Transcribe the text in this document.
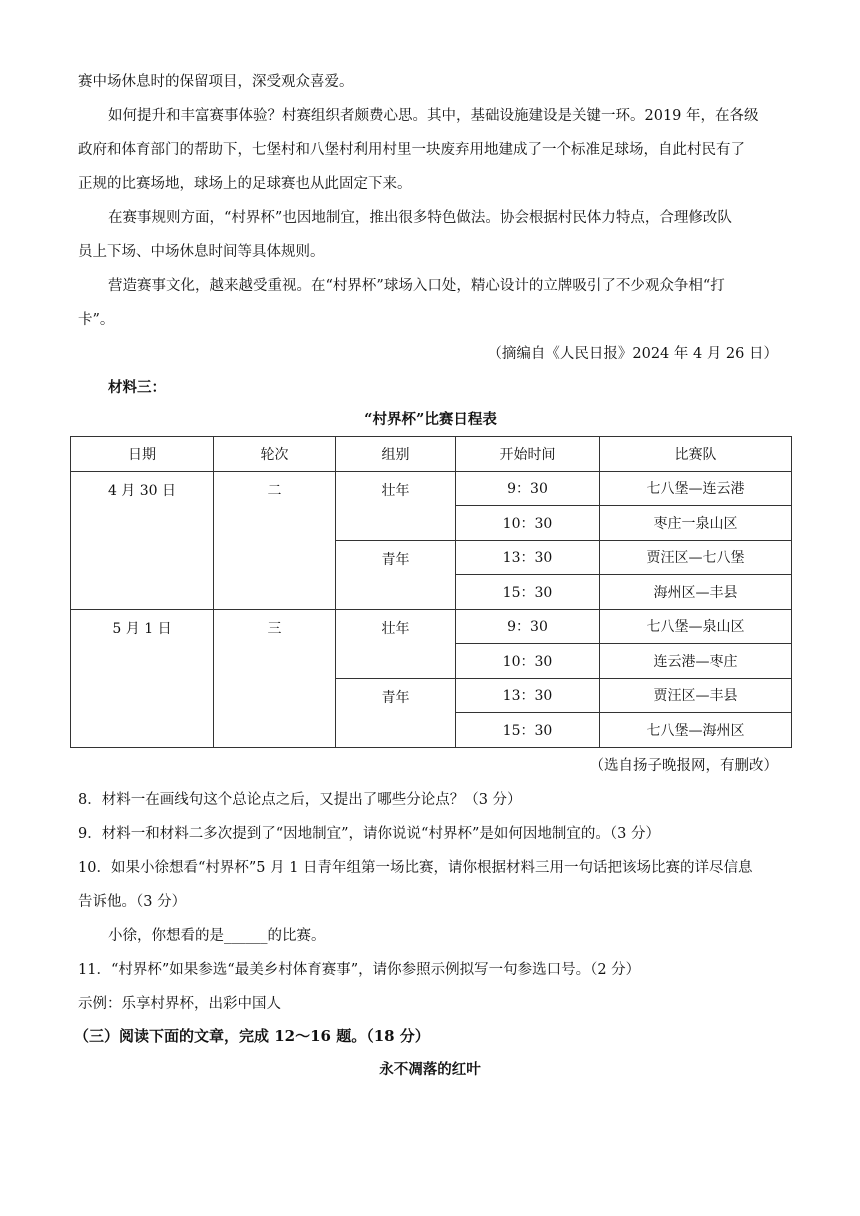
赛中场休息时的保留项目，深受观众喜爱。
如何提升和丰富赛事体验？村赛组织者颇费心思。其中，基础设施建设是关键一环。2019 年，在各级
政府和体育部门的帮助下，七堡村和八堡村利用村里一块废弃用地建成了一个标准足球场，自此村民有了
正规的比赛场地，球场上的足球赛也从此固定下来。
在赛事规则方面，“村界杯”也因地制宜，推出很多特色做法。协会根据村民体力特点，合理修改队
员上下场、中场休息时间等具体规则。
营造赛事文化，越来越受重视。在“村界杯”球场入口处，精心设计的立牌吸引了不少观众争相“打
卡”。
（摘编自《人民日报》2024 年 4 月 26 日）
材料三：
“村界杯”比赛日程表
日期	轮次	组别	开始时间	比赛队
4 月 30 日	二	壮年	9：30	七八堡—连云港
			10：30	枣庄一泉山区
		青年	13：30	贾汪区—七八堡
			15：30	海州区—丰县
5 月 1 日	三	壮年	9：30	七八堡—泉山区
			10：30	连云港—枣庄
		青年	13：30	贾汪区—丰县
			15：30	七八堡—海州区
（选自扬子晚报网，有删改）
8．材料一在画线句这个总论点之后，又提出了哪些分论点？（3 分）
9．材料一和材料二多次提到了“因地制宜”，请你说说“村界杯”是如何因地制宜的。（3 分）
10．如果小徐想看“村界杯”5 月 1 日青年组第一场比赛，请你根据材料三用一句话把该场比赛的详尽信息
告诉他。（3 分）
小徐，你想看的是______的比赛。
11．“村界杯”如果参选“最美乡村体育赛事”，请你参照示例拟写一句参选口号。（2 分）
示例：乐享村界杯，出彩中国人
（三）阅读下面的文章，完成 12～16 题。（18 分）
永不凋落的红叶
